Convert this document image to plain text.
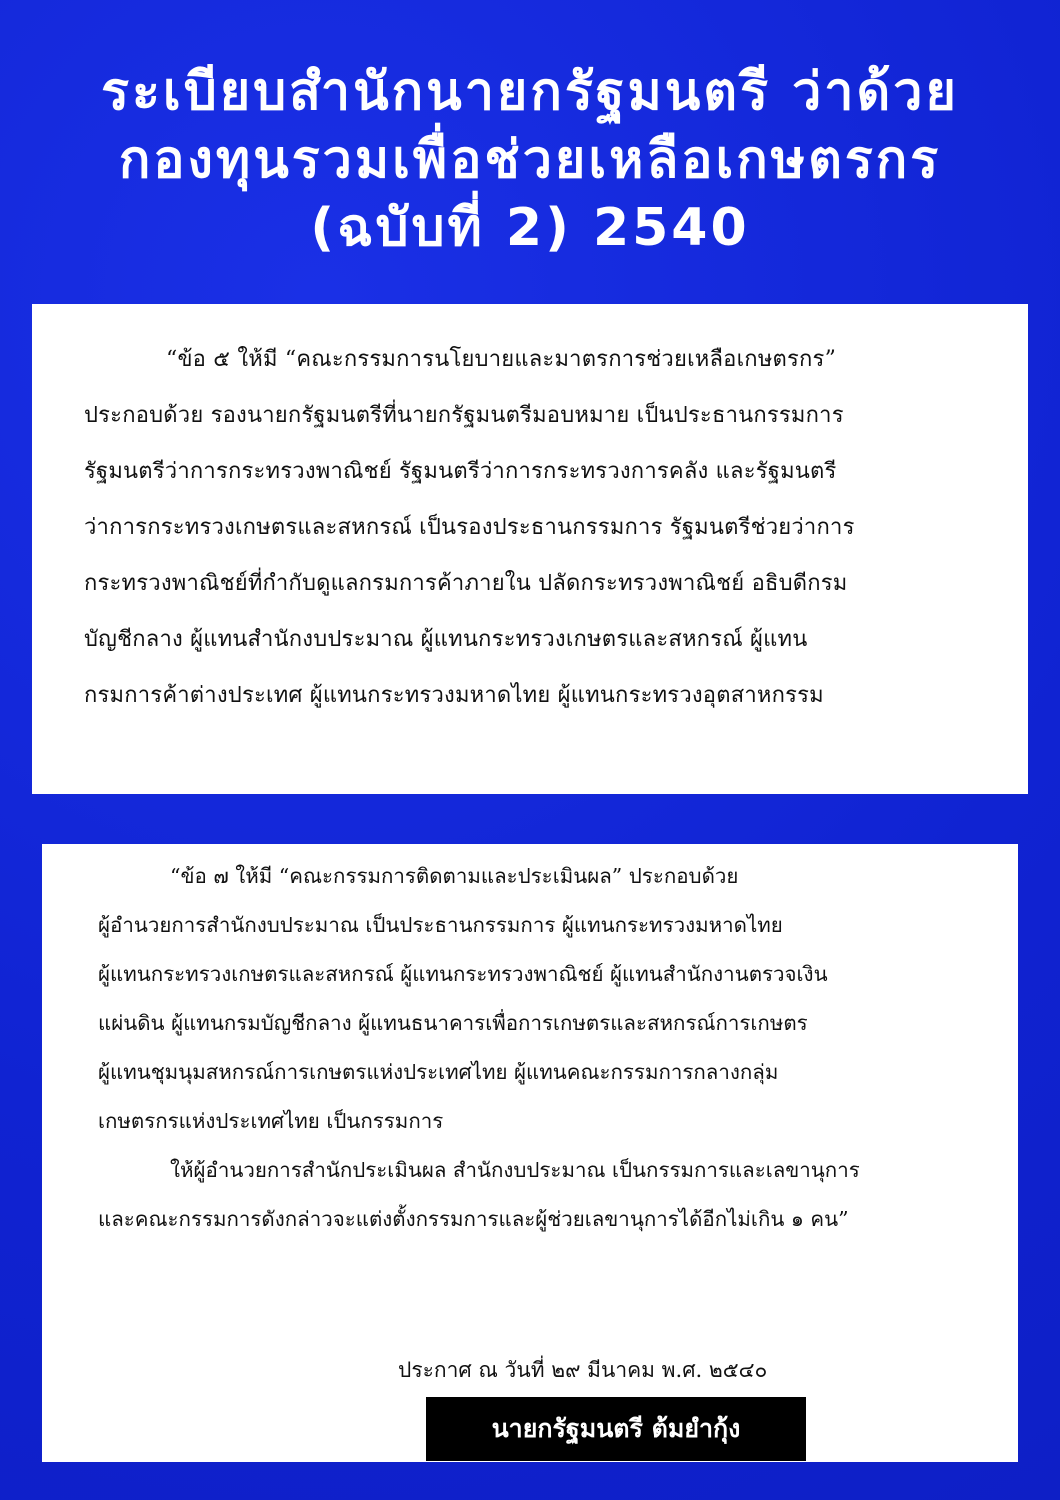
ระเบียบสำนักนายกรัฐมนตรี ว่าด้วย
กองทุนรวมเพื่อช่วยเหลือเกษตรกร
(ฉบับที่ 2) 2540
“ข้อ ๕ ให้มี “คณะกรรมการนโยบายและมาตรการช่วยเหลือเกษตรกร”
ประกอบด้วย รองนายกรัฐมนตรีที่นายกรัฐมนตรีมอบหมาย เป็นประธานกรรมการ
รัฐมนตรีว่าการกระทรวงพาณิชย์ รัฐมนตรีว่าการกระทรวงการคลัง และรัฐมนตรี
ว่าการกระทรวงเกษตรและสหกรณ์ เป็นรองประธานกรรมการ รัฐมนตรีช่วยว่าการ
กระทรวงพาณิชย์ที่กำกับดูแลกรมการค้าภายใน ปลัดกระทรวงพาณิชย์ อธิบดีกรม
บัญชีกลาง ผู้แทนสำนักงบประมาณ ผู้แทนกระทรวงเกษตรและสหกรณ์ ผู้แทน
กรมการค้าต่างประเทศ ผู้แทนกระทรวงมหาดไทย ผู้แทนกระทรวงอุตสาหกรรม
“ข้อ ๗ ให้มี “คณะกรรมการติดตามและประเมินผล” ประกอบด้วย
ผู้อำนวยการสำนักงบประมาณ เป็นประธานกรรมการ ผู้แทนกระทรวงมหาดไทย
ผู้แทนกระทรวงเกษตรและสหกรณ์ ผู้แทนกระทรวงพาณิชย์ ผู้แทนสำนักงานตรวจเงิน
แผ่นดิน ผู้แทนกรมบัญชีกลาง ผู้แทนธนาคารเพื่อการเกษตรและสหกรณ์การเกษตร
ผู้แทนชุมนุมสหกรณ์การเกษตรแห่งประเทศไทย ผู้แทนคณะกรรมการกลางกลุ่ม
เกษตรกรแห่งประเทศไทย เป็นกรรมการ
ให้ผู้อำนวยการสำนักประเมินผล สำนักงบประมาณ เป็นกรรมการและเลขานุการ
และคณะกรรมการดังกล่าวจะแต่งตั้งกรรมการและผู้ช่วยเลขานุการได้อีกไม่เกิน ๑ คน”
ประกาศ ณ วันที่ ๒๙ มีนาคม พ.ศ. ๒๕๔๐
นายกรัฐมนตรี ต้มยำกุ้ง
